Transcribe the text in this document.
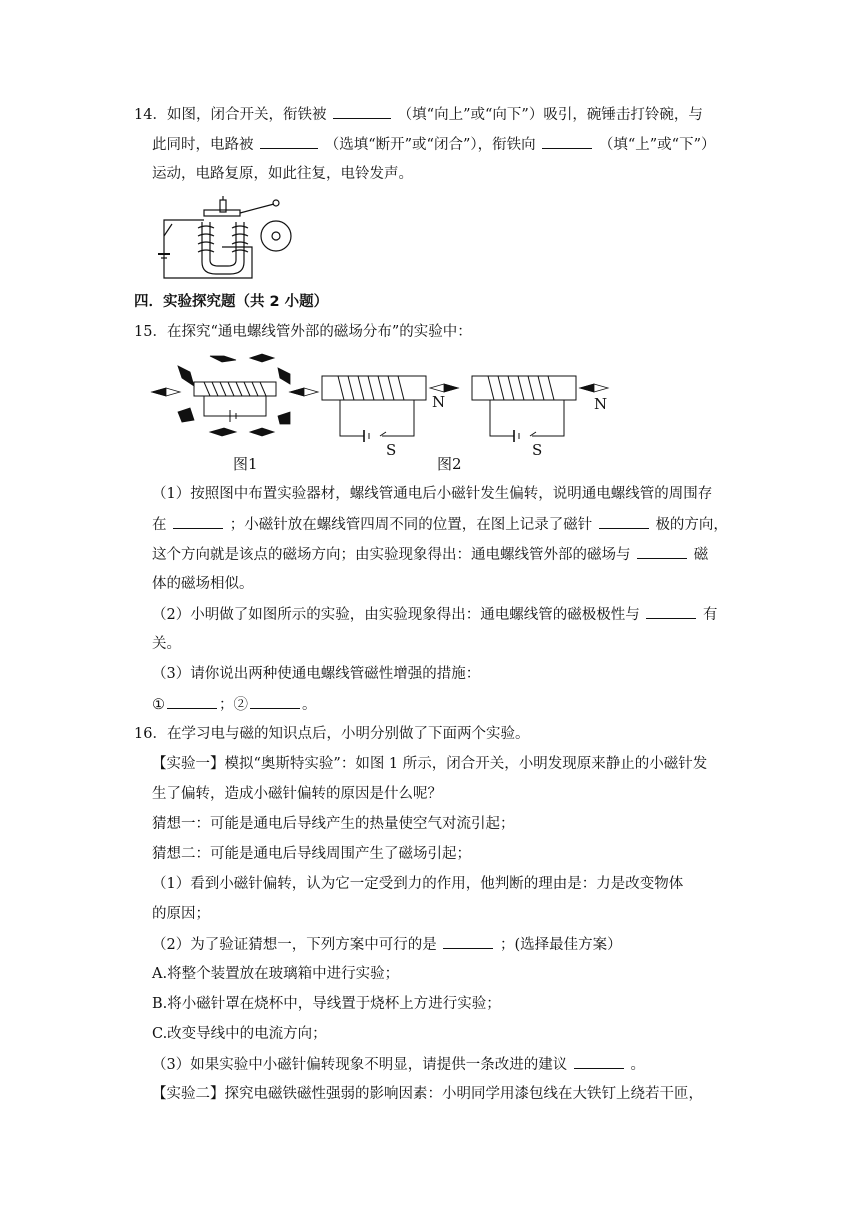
14．如图，闭合开关，衔铁被	（填“向上”或“向下”）吸引，碗锤击打铃碗，与
此同时，电路被	（选填“断开”或“闭合”），衔铁向	（填“上”或“下”）
运动，电路复原，如此往复，电铃发声。
四．实验探究题（共 2 小题）
15．在探究“通电螺线管外部的磁场分布”的实验中：
N	N
S	S
图1	图2
（1）按照图中布置实验器材，螺线管通电后小磁针发生偏转，说明通电螺线管的周围存
在	；小磁针放在螺线管四周不同的位置，在图上记录了磁针	极的方向，
这个方向就是该点的磁场方向；由实验现象得出：通电螺线管外部的磁场与	磁
体的磁场相似。
（2）小明做了如图所示的实验，由实验现象得出：通电螺线管的磁极极性与	有
关。
（3）请你说出两种使通电螺线管磁性增强的措施：
①	；②	。
16．在学习电与磁的知识点后，小明分别做了下面两个实验。
【实验一】模拟“奥斯特实验”：如图 1 所示，闭合开关，小明发现原来静止的小磁针发
生了偏转，造成小磁针偏转的原因是什么呢？
猜想一：可能是通电后导线产生的热量使空气对流引起；
猜想二：可能是通电后导线周围产生了磁场引起；
（1）看到小磁针偏转，认为它一定受到力的作用，他判断的理由是：力是改变物体
的原因；
（2）为了验证猜想一，下列方案中可行的是	；(选择最佳方案）
A.将整个装置放在玻璃箱中进行实验；
B.将小磁针罩在烧杯中，导线置于烧杯上方进行实验；
C.改变导线中的电流方向；
（3）如果实验中小磁针偏转现象不明显，请提供一条改进的建议	。
【实验二】探究电磁铁磁性强弱的影响因素：小明同学用漆包线在大铁钉上绕若干匝，
